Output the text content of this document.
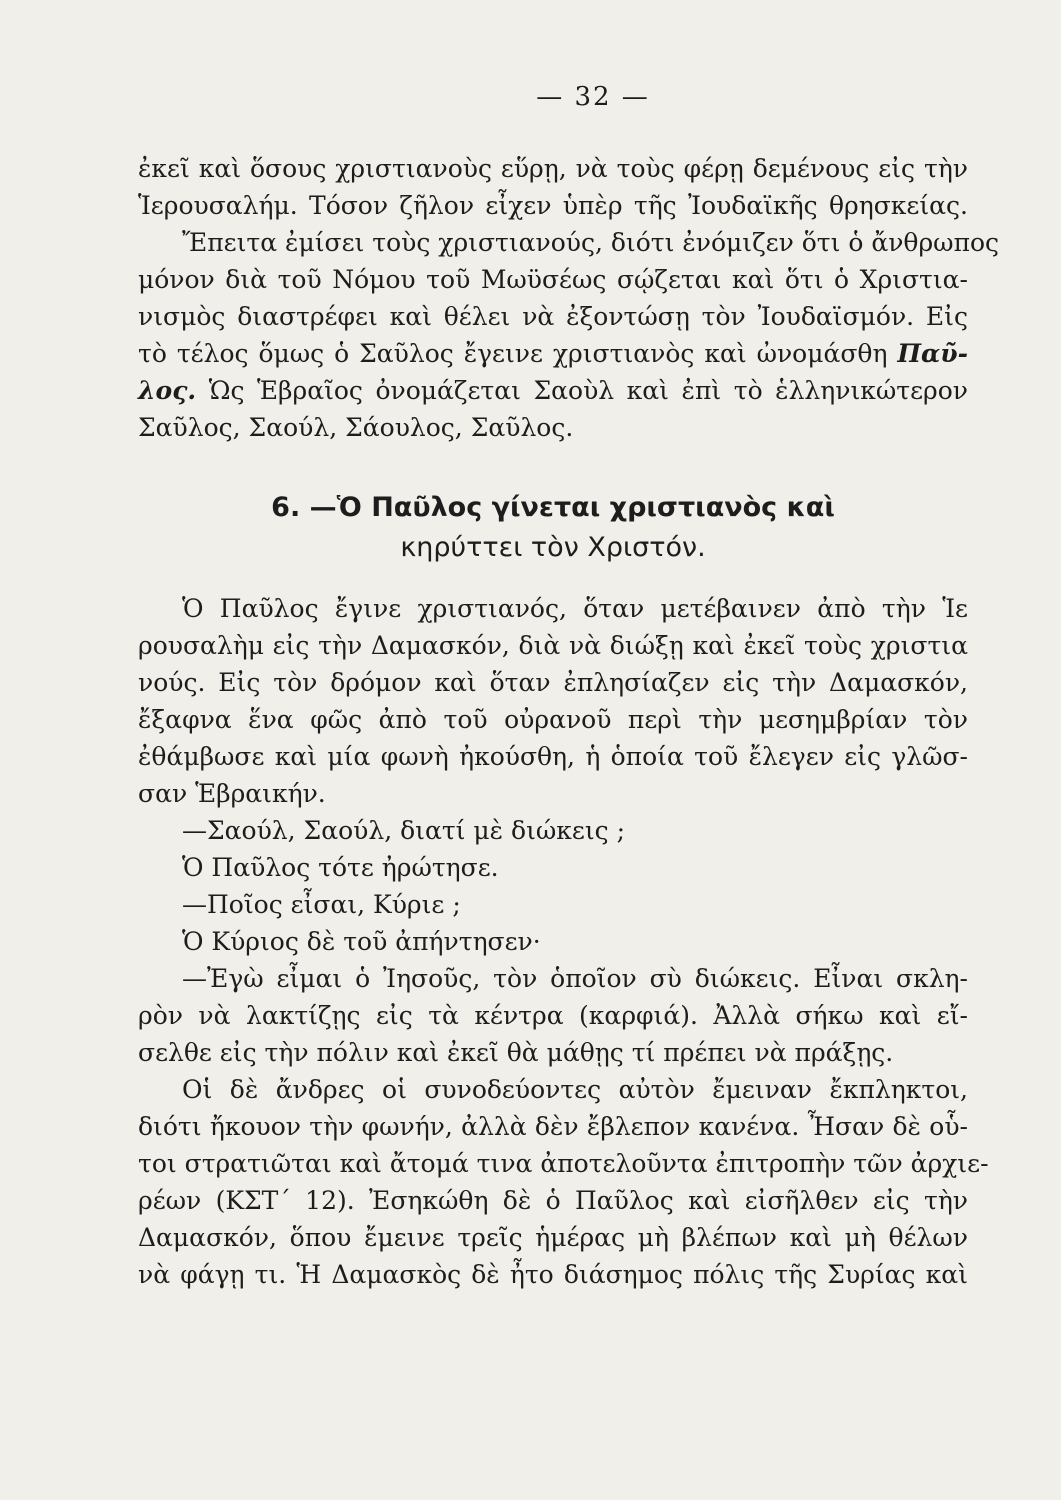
— 32 —
ἐκεῖ καὶ ὅσους χριστιανοὺς εὕρῃ, νὰ τοὺς φέρῃ δεμένους εἰς τὴν
Ἱερουσαλήμ. Τόσον ζῆλον εἶχεν ὑπὲρ τῆς Ἰουδαϊκῆς θρησκείας.
Ἔπειτα ἐμίσει τοὺς χριστιανούς, διότι ἐνόμιζεν ὅτι ὁ ἄνθρωπος
μόνον διὰ τοῦ Νόμου τοῦ Μωϋσέως σῴζεται καὶ ὅτι ὁ Χριστια-
νισμὸς διαστρέφει καὶ θέλει νὰ ἐξοντώσῃ τὸν Ἰουδαϊσμόν. Εἰς
τὸ τέλος ὅμως ὁ Σαῦλος ἔγεινε χριστιανὸς καὶ ὠνομάσθη Παῦ-
λος. Ὡς Ἑβραῖος ὀνομάζεται Σαοὺλ καὶ ἐπὶ τὸ ἑλληνικώτερον
Σαῦλος, Σαούλ, Σάουλος, Σαῦλος.
6. —Ὁ Παῦλος γίνεται χριστιανὸς καὶ
κηρύττει τὸν Χριστόν.
Ὁ Παῦλος ἔγινε χριστιανός, ὅταν μετέβαινεν ἀπὸ τὴν Ἱε
ρουσαλὴμ εἰς τὴν Δαμασκόν, διὰ νὰ διώξῃ καὶ ἐκεῖ τοὺς χριστια
νούς. Εἰς τὸν δρόμον καὶ ὅταν ἐπλησίαζεν εἰς τὴν Δαμασκόν,
ἔξαφνα ἕνα φῶς ἀπὸ τοῦ οὐρανοῦ περὶ τὴν μεσημβρίαν τὸν
ἐθάμβωσε καὶ μία φωνὴ ἠκούσθη, ἡ ὁποία τοῦ ἔλεγεν εἰς γλῶσ-
σαν Ἑβραικήν.
—Σαούλ, Σαούλ, διατί μὲ διώκεις ;
Ὁ Παῦλος τότε ἠρώτησε.
—Ποῖος εἶσαι, Κύριε ;
Ὁ Κύριος δὲ τοῦ ἀπήντησεν·
—Ἐγὼ εἶμαι ὁ Ἰησοῦς, τὸν ὁποῖον σὺ διώκεις. Εἶναι σκλη-
ρὸν νὰ λακτίζῃς εἰς τὰ κέντρα (καρφιά). Ἀλλὰ σήκω καὶ εἴ-
σελθε εἰς τὴν πόλιν καὶ ἐκεῖ θὰ μάθῃς τί πρέπει νὰ πράξῃς.
Οἱ δὲ ἄνδρες οἱ συνοδεύοντες αὐτὸν ἔμειναν ἔκπληκτοι,
διότι ἤκουον τὴν φωνήν, ἀλλὰ δὲν ἔβλεπον κανένα. Ἦσαν δὲ οὗ-
τοι στρατιῶται καὶ ἄτομά τινα ἀποτελοῦντα ἐπιτροπὴν τῶν ἀρχιε-
ρέων (ΚΣΤ΄ 12). Ἐσηκώθη δὲ ὁ Παῦλος καὶ εἰσῆλθεν εἰς τὴν
Δαμασκόν, ὅπου ἔμεινε τρεῖς ἡμέρας μὴ βλέπων καὶ μὴ θέλων
νὰ φάγῃ τι. Ἡ Δαμασκὸς δὲ ἦτο διάσημος πόλις τῆς Συρίας καὶ
